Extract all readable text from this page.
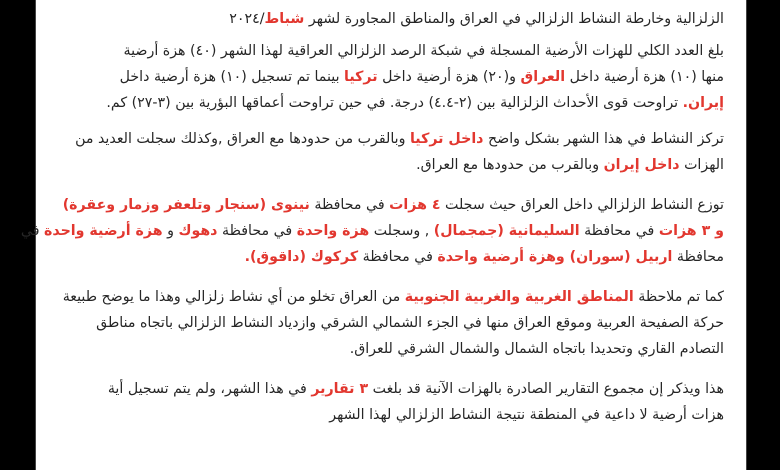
الزلزالية وخارطة النشاط الزلزالي في العراق والمناطق المجاورة لشهر شباط/۲۰۲٤

بلغ العدد الكلي للهزات الأرضية المسجلة في شبكة الرصد الزلزالي العراقية لهذا الشهر (٤٠) هزة أرضية

منها (١٠) هزة أرضية داخل العراق و(٢٠) هزة أرضية داخل تركيا بينما تم تسجيل (١٠) هزة أرضية داخل

إيران. تراوحت قوى الأحداث الزلزالية بين (٢-٤.٤) درجة. في حين تراوحت أعماقها البؤرية بين (٣-٢٧) كم.

تركز النشاط في هذا الشهر بشكل واضح داخل تركيا وبالقرب من حدودها مع العراق ,وكذلك سجلت العديد من

الهزات داخل إيران وبالقرب من حدودها مع العراق.

توزع النشاط الزلزالي داخل العراق حيث سجلت ٤ هزات في محافظة نينوى (سنجار وتلعفر وزمار وعقرة)

و ٣ هزات في محافظة السليمانية (جمجمال) , وسجلت هزة واحدة في محافظة دهوك و هزة أرضية واحدة في

محافظة اربيل (سوران) وهزة أرضية واحدة في محافظة كركوك (داقوق).

كما تم ملاحظة المناطق الغربية والغربية الجنوبية من العراق تخلو من أي نشاط زلزالي وهذا ما يوضح طبيعة

حركة الصفيحة العربية وموقع العراق منها في الجزء الشمالي الشرقي وازدياد النشاط الزلزالي باتجاه مناطق

التصادم القاري وتحديدا باتجاه الشمال والشمال الشرقي للعراق.

هذا ويذكر إن مجموع التقارير الصادرة بالهزات الآنية قد بلغت ٣ تقارير في هذا الشهر، ولم يتم تسجيل أية

هزات أرضية لا داعية في المنطقة نتيجة النشاط الزلزالي لهذا الشهر
